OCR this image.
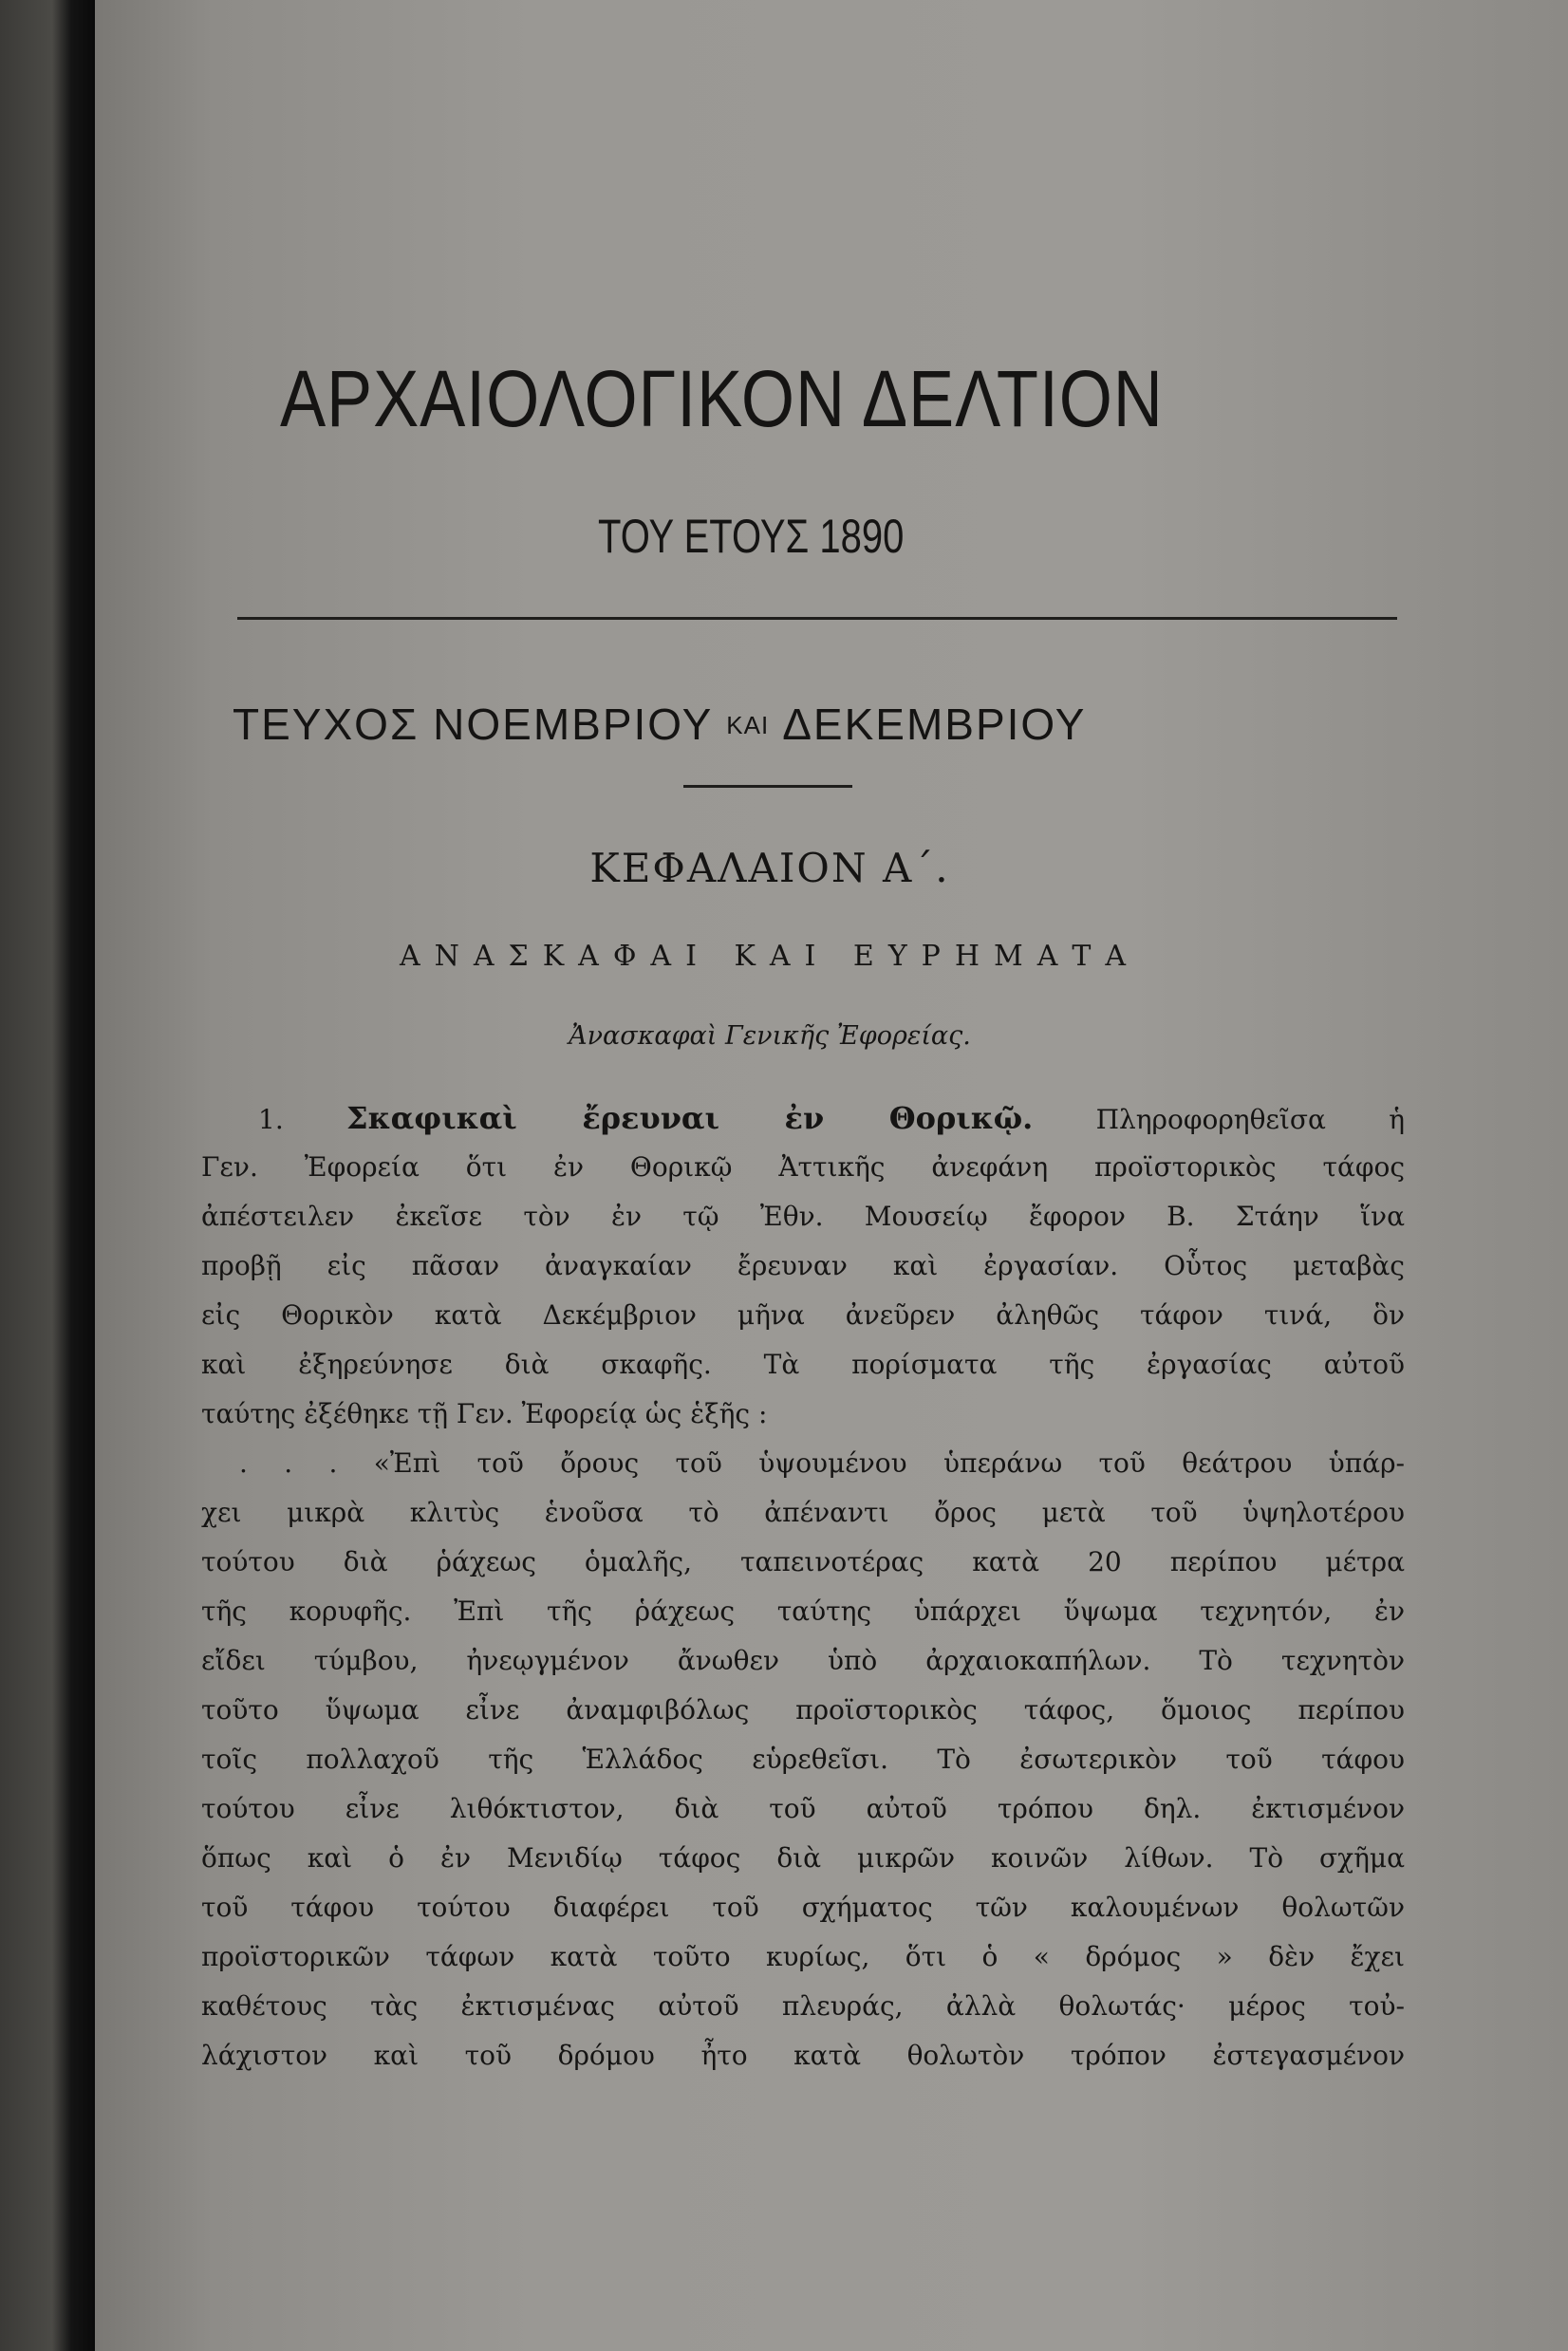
ΑΡΧΑΙΟΛΟΓΙΚΟΝ ΔΕΛΤΙΟΝ
ΤΟΥ ΕΤΟΥΣ 1890
ΤΕΥΧΟΣ ΝΟΕΜΒΡΙΟΥ ΚΑΙ ΔΕΚΕΜΒΡΙΟΥ
ΚΕΦΑΛΑΙΟΝ Α΄.
ΑΝΑΣΚΑΦΑΙ ΚΑΙ ΕΥΡΗΜΑΤΑ
Ἀνασκαφαὶ Γενικῆς Ἐφορείας.
1. Σκαφικαὶ ἔρευναι ἐν Θορικῷ. Πληροφορηθεῖσα ἡ
Γεν. Ἐφορεία ὅτι ἐν Θορικῷ Ἀττικῆς ἀνεφάνη προϊστορικὸς τάφος
ἀπέστειλεν ἐκεῖσε τὸν ἐν τῷ Ἐθν. Μουσείῳ ἔφορον Β. Στάην ἵνα
προβῇ εἰς πᾶσαν ἀναγκαίαν ἔρευναν καὶ ἐργασίαν. Οὗτος μεταβὰς
εἰς Θορικὸν κατὰ Δεκέμβριον μῆνα ἀνεῦρεν ἀληθῶς τάφον τινά, ὃν
καὶ ἐξηρεύνησε διὰ σκαφῆς. Τὰ πορίσματα τῆς ἐργασίας αὐτοῦ
ταύτης ἐξέθηκε τῇ Γεν. Ἐφορείᾳ ὡς ἑξῆς :
. . . «Ἐπὶ τοῦ ὄρους τοῦ ὑψουμένου ὑπεράνω τοῦ θεάτρου ὑπάρ-
χει μικρὰ κλιτὺς ἑνοῦσα τὸ ἀπέναντι ὄρος μετὰ τοῦ ὑψηλοτέρου
τούτου διὰ ῥάχεως ὁμαλῆς, ταπεινοτέρας κατὰ 20 περίπου μέτρα
τῆς κορυφῆς. Ἐπὶ τῆς ῥάχεως ταύτης ὑπάρχει ὕψωμα τεχνητόν, ἐν
εἴδει τύμβου, ἠνεῳγμένον ἄνωθεν ὑπὸ ἀρχαιοκαπήλων. Τὸ τεχνητὸν
τοῦτο ὕψωμα εἶνε ἀναμφιβόλως προϊστορικὸς τάφος, ὅμοιος περίπου
τοῖς πολλαχοῦ τῆς Ἑλλάδος εὑρεθεῖσι. Τὸ ἐσωτερικὸν τοῦ τάφου
τούτου εἶνε λιθόκτιστον, διὰ τοῦ αὐτοῦ τρόπου δηλ. ἐκτισμένον
ὅπως καὶ ὁ ἐν Μενιδίῳ τάφος διὰ μικρῶν κοινῶν λίθων. Τὸ σχῆμα
τοῦ τάφου τούτου διαφέρει τοῦ σχήματος τῶν καλουμένων θολωτῶν
προϊστορικῶν τάφων κατὰ τοῦτο κυρίως, ὅτι ὁ « δρόμος » δὲν ἔχει
καθέτους τὰς ἐκτισμένας αὐτοῦ πλευράς, ἀλλὰ θολωτάς· μέρος τοὐ-
λάχιστον καὶ τοῦ δρόμου ἦτο κατὰ θολωτὸν τρόπον ἐστεγασμένον
